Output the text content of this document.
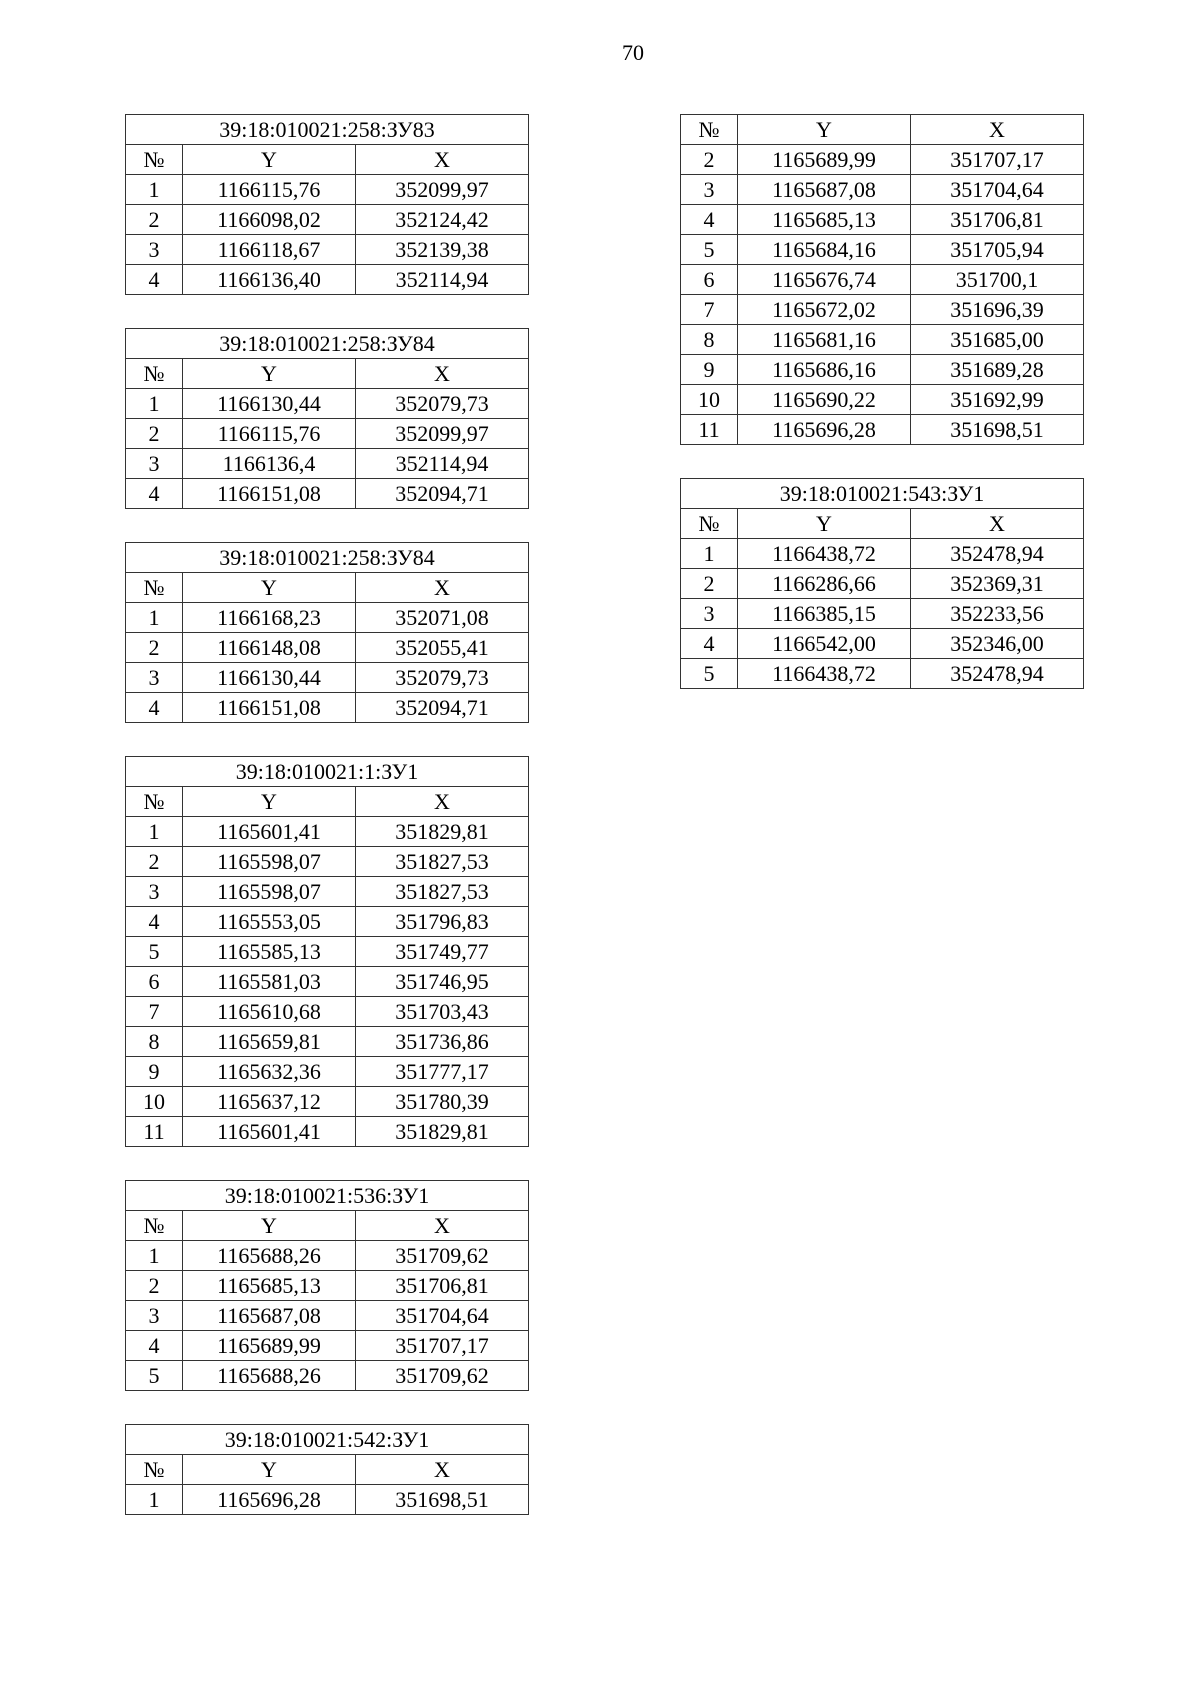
70
39:18:010021:258:ЗУ83		
№	Y	X
1	1166115,76	352099,97
2	1166098,02	352124,42
3	1166118,67	352139,38
4	1166136,40	352114,94
39:18:010021:258:ЗУ84		
№	Y	X
1	1166130,44	352079,73
2	1166115,76	352099,97
3	1166136,4	352114,94
4	1166151,08	352094,71
39:18:010021:258:ЗУ84		
№	Y	X
1	1166168,23	352071,08
2	1166148,08	352055,41
3	1166130,44	352079,73
4	1166151,08	352094,71
39:18:010021:1:ЗУ1		
№	Y	X
1	1165601,41	351829,81
2	1165598,07	351827,53
3	1165598,07	351827,53
4	1165553,05	351796,83
5	1165585,13	351749,77
6	1165581,03	351746,95
7	1165610,68	351703,43
8	1165659,81	351736,86
9	1165632,36	351777,17
10	1165637,12	351780,39
11	1165601,41	351829,81
39:18:010021:536:ЗУ1		
№	Y	X
1	1165688,26	351709,62
2	1165685,13	351706,81
3	1165687,08	351704,64
4	1165689,99	351707,17
5	1165688,26	351709,62
39:18:010021:542:ЗУ1		
№	Y	X
1	1165696,28	351698,51
№	Y	X
2	1165689,99	351707,17
3	1165687,08	351704,64
4	1165685,13	351706,81
5	1165684,16	351705,94
6	1165676,74	351700,1
7	1165672,02	351696,39
8	1165681,16	351685,00
9	1165686,16	351689,28
10	1165690,22	351692,99
11	1165696,28	351698,51
39:18:010021:543:ЗУ1		
№	Y	X
1	1166438,72	352478,94
2	1166286,66	352369,31
3	1166385,15	352233,56
4	1166542,00	352346,00
5	1166438,72	352478,94
